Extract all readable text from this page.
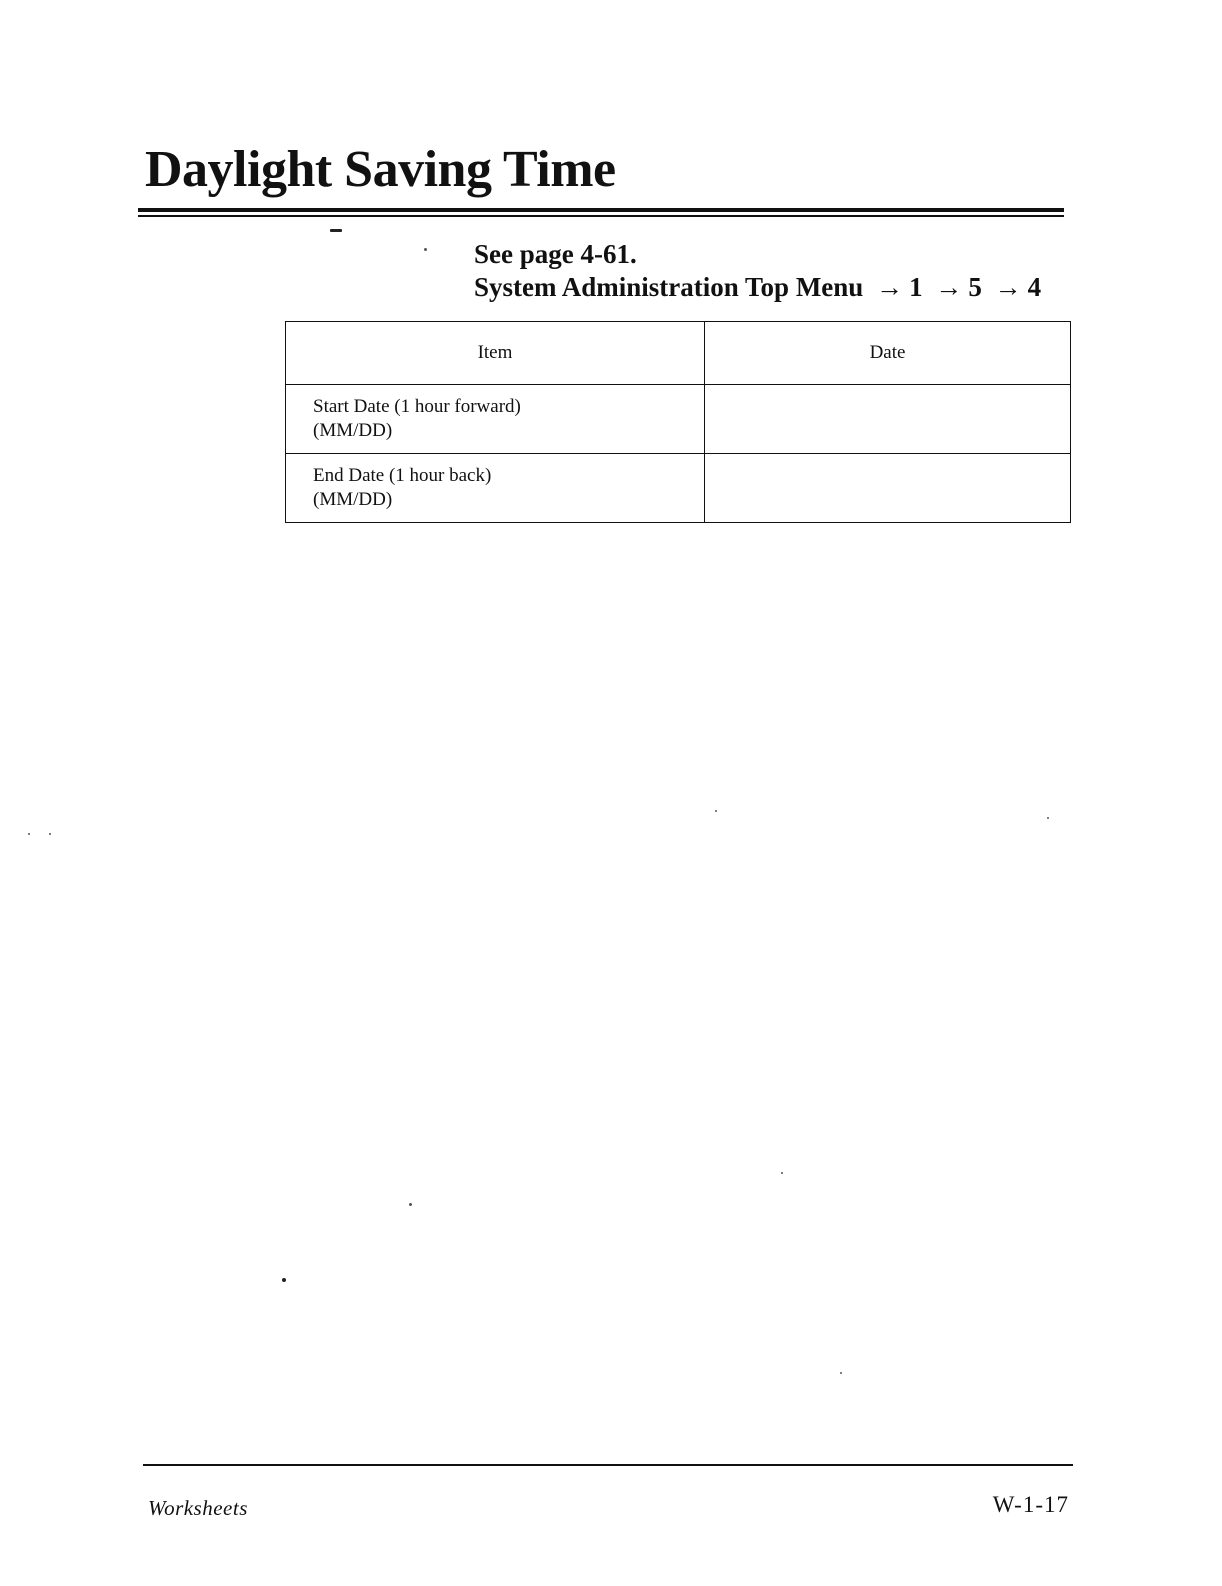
Daylight Saving Time
See page 4-61.
System Administration Top Menu → 1 → 5 → 4
Item	Date

Start Date (1 hour forward)
(MM/DD)	

End Date (1 hour back)
(MM/DD)	

Worksheets	W-1-17
